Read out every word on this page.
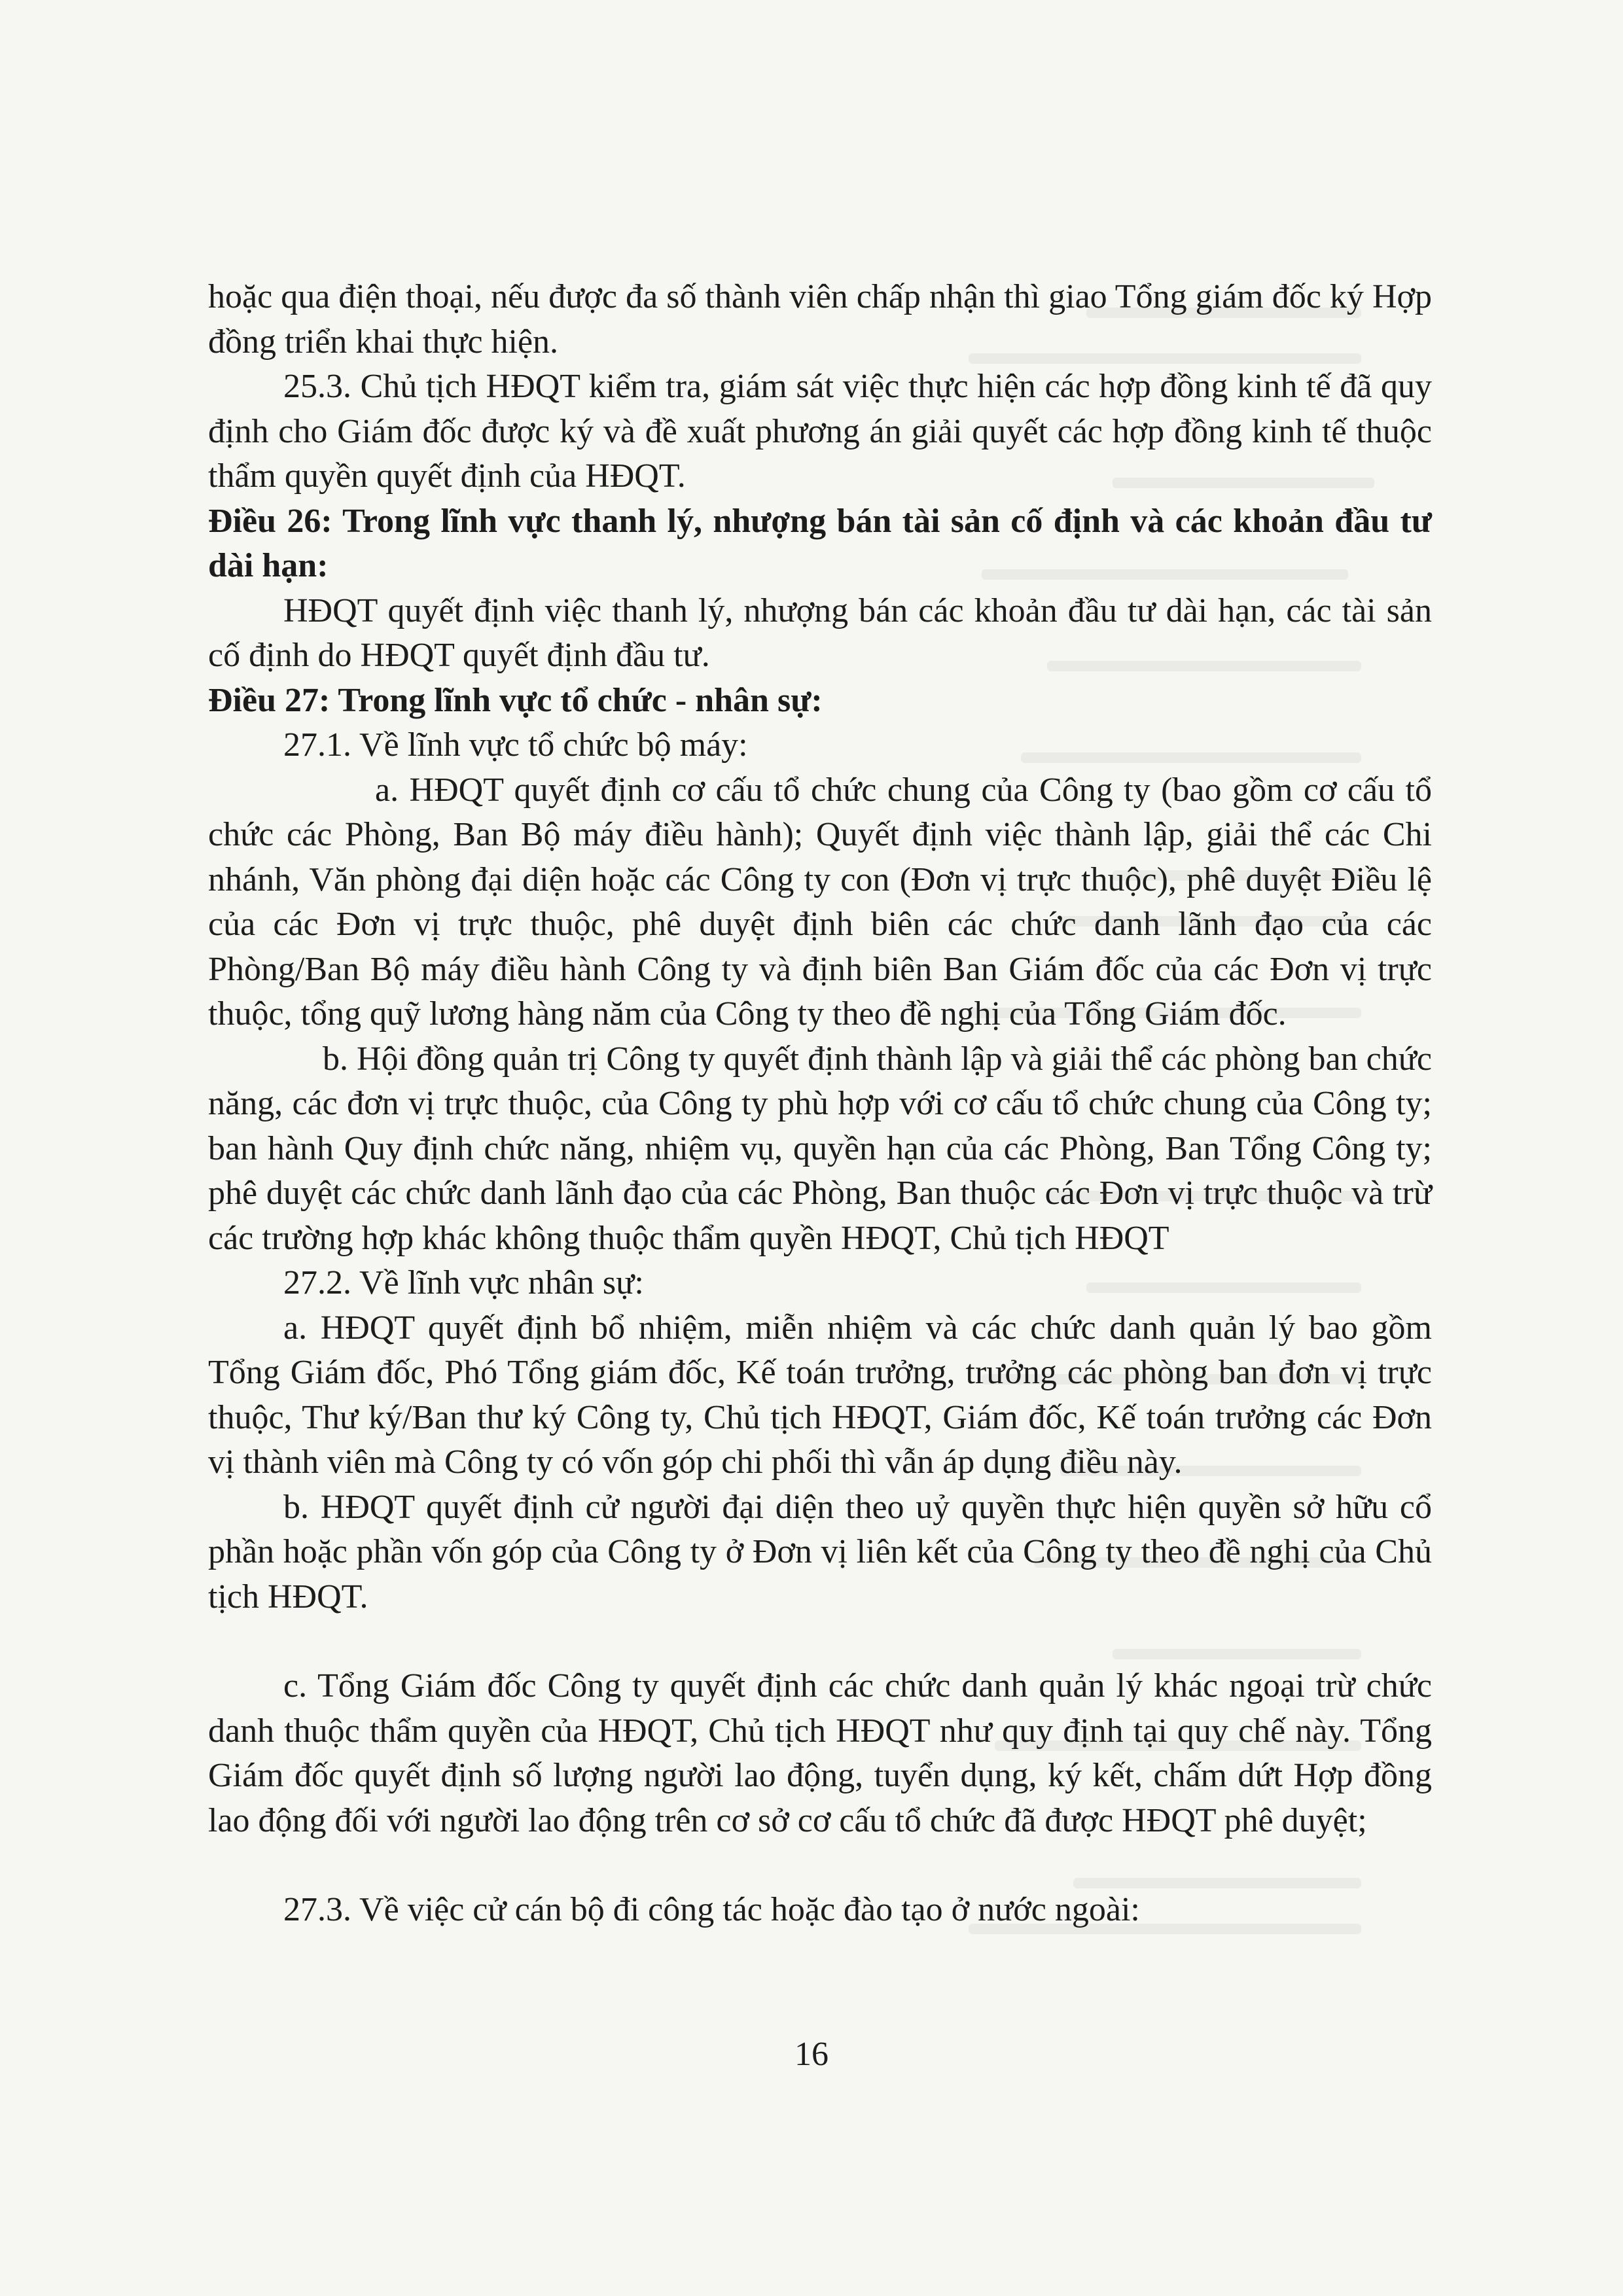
hoặc qua điện thoại, nếu được đa số thành viên chấp nhận thì giao Tổng giám đốc ký Hợp đồng triển khai thực hiện.

25.3. Chủ tịch HĐQT kiểm tra, giám sát việc thực hiện các hợp đồng kinh tế đã quy định cho Giám đốc được ký và đề xuất phương án giải quyết các hợp đồng kinh tế thuộc thẩm quyền quyết định của HĐQT.

Điều 26: Trong lĩnh vực thanh lý, nhượng bán tài sản cố định và các khoản đầu tư dài hạn:

HĐQT quyết định việc thanh lý, nhượng bán các khoản đầu tư dài hạn, các tài sản cố định do HĐQT quyết định đầu tư.

Điều 27: Trong lĩnh vực tổ chức - nhân sự:

27.1. Về lĩnh vực tổ chức bộ máy:

a. HĐQT quyết định cơ cấu tổ chức chung của Công ty (bao gồm cơ cấu tổ chức các Phòng, Ban Bộ máy điều hành); Quyết định việc thành lập, giải thể các Chi nhánh, Văn phòng đại diện hoặc các Công ty con (Đơn vị trực thuộc), phê duyệt Điều lệ của các Đơn vị trực thuộc, phê duyệt định biên các chức danh lãnh đạo của các Phòng/Ban Bộ máy điều hành Công ty và định biên Ban Giám đốc của các Đơn vị trực thuộc, tổng quỹ lương hàng năm của Công ty theo đề nghị của Tổng Giám đốc.

b. Hội đồng quản trị Công ty quyết định thành lập và giải thể các phòng ban chức năng, các đơn vị trực thuộc, của Công ty phù hợp với cơ cấu tổ chức chung của Công ty; ban hành Quy định chức năng, nhiệm vụ, quyền hạn của các Phòng, Ban Tổng Công ty; phê duyệt các chức danh lãnh đạo của các Phòng, Ban thuộc các Đơn vị trực thuộc và trừ các trường hợp khác không thuộc thẩm quyền HĐQT, Chủ tịch HĐQT

27.2. Về lĩnh vực nhân sự:

a. HĐQT quyết định bổ nhiệm, miễn nhiệm và các chức danh quản lý bao gồm Tổng Giám đốc, Phó Tổng giám đốc, Kế toán trưởng, trưởng các phòng ban đơn vị trực thuộc, Thư ký/Ban thư ký Công ty, Chủ tịch HĐQT, Giám đốc, Kế toán trưởng các Đơn vị thành viên mà Công ty có vốn góp chi phối thì vẫn áp dụng điều này.

b. HĐQT quyết định cử người đại diện theo uỷ quyền thực hiện quyền sở hữu cổ phần hoặc phần vốn góp của Công ty ở Đơn vị liên kết của Công ty theo đề nghị của Chủ tịch HĐQT.

c. Tổng Giám đốc Công ty quyết định các chức danh quản lý khác ngoại trừ chức danh thuộc thẩm quyền của HĐQT, Chủ tịch HĐQT như quy định tại quy chế này. Tổng Giám đốc quyết định số lượng người lao động, tuyển dụng, ký kết, chấm dứt Hợp đồng lao động đối với người lao động trên cơ sở cơ cấu tổ chức đã được HĐQT phê duyệt;

27.3. Về việc cử cán bộ đi công tác hoặc đào tạo ở nước ngoài:

16
